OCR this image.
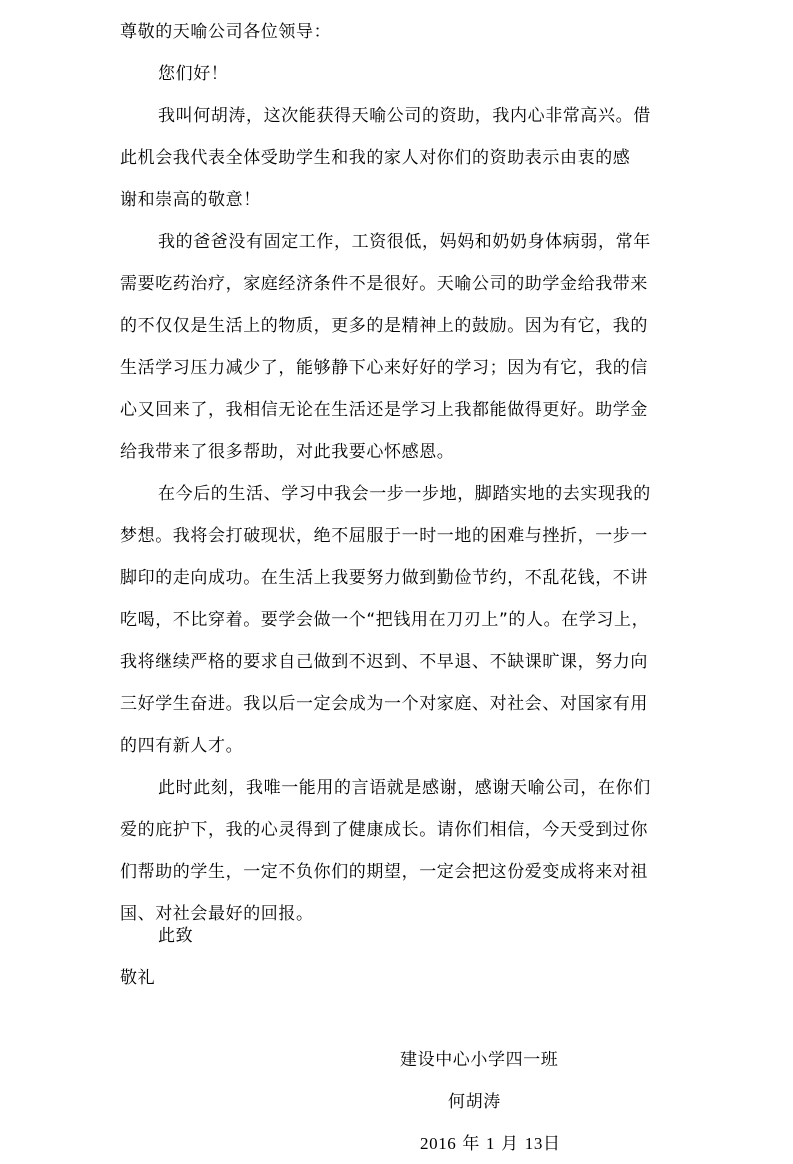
尊敬的天喻公司各位领导：
您们好！
我叫何胡涛，这次能获得天喻公司的资助，我内心非常高兴。借
此机会我代表全体受助学生和我的家人对你们的资助表示由衷的感
谢和崇高的敬意！
我的爸爸没有固定工作，工资很低，妈妈和奶奶身体病弱，常年
需要吃药治疗，家庭经济条件不是很好。天喻公司的助学金给我带来
的不仅仅是生活上的物质，更多的是精神上的鼓励。因为有它，我的
生活学习压力减少了，能够静下心来好好的学习；因为有它，我的信
心又回来了，我相信无论在生活还是学习上我都能做得更好。助学金
给我带来了很多帮助，对此我要心怀感恩。
在今后的生活、学习中我会一步一步地，脚踏实地的去实现我的
梦想。我将会打破现状，绝不屈服于一时一地的困难与挫折，一步一
脚印的走向成功。在生活上我要努力做到勤俭节约，不乱花钱，不讲
吃喝，不比穿着。要学会做一个“把钱用在刀刃上”的人。在学习上，
我将继续严格的要求自己做到不迟到、不早退、不缺课旷课，努力向
三好学生奋进。我以后一定会成为一个对家庭、对社会、对国家有用
的四有新人才。
此时此刻，我唯一能用的言语就是感谢，感谢天喻公司，在你们
爱的庇护下，我的心灵得到了健康成长。请你们相信，今天受到过你
们帮助的学生，一定不负你们的期望，一定会把这份爱变成将来对祖
国、对社会最好的回报。
此致
敬礼
建设中心小学四一班
何胡涛
2016 年 1 月 13日
